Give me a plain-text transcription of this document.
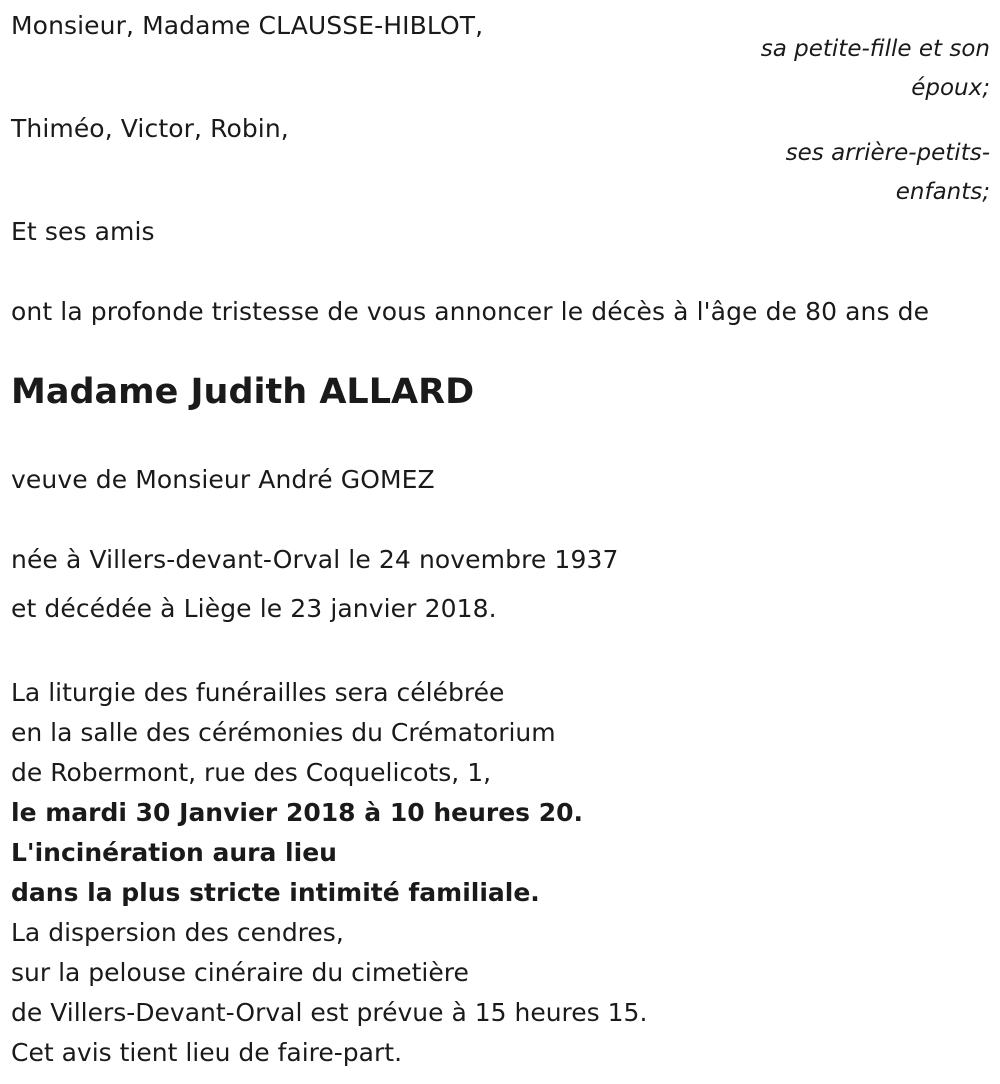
Monsieur, Madame CLAUSSE-HIBLOT,
sa petite-fille et son
époux;
Thiméo, Victor, Robin,
ses arrière-petits-
enfants;
Et ses amis
ont la profonde tristesse de vous annoncer le décès à l'âge de 80 ans de
Madame Judith ALLARD
veuve de Monsieur André GOMEZ
née à Villers-devant-Orval le 24 novembre 1937
et décédée à Liège le 23 janvier 2018.
La liturgie des funérailles sera célébrée
en la salle des cérémonies du Crématorium
de Robermont, rue des Coquelicots, 1,
le mardi 30 Janvier 2018 à 10 heures 20.
L'incinération aura lieu
dans la plus stricte intimité familiale.
La dispersion des cendres,
sur la pelouse cinéraire du cimetière
de Villers-Devant-Orval est prévue à 15 heures 15.
Cet avis tient lieu de faire-part.
